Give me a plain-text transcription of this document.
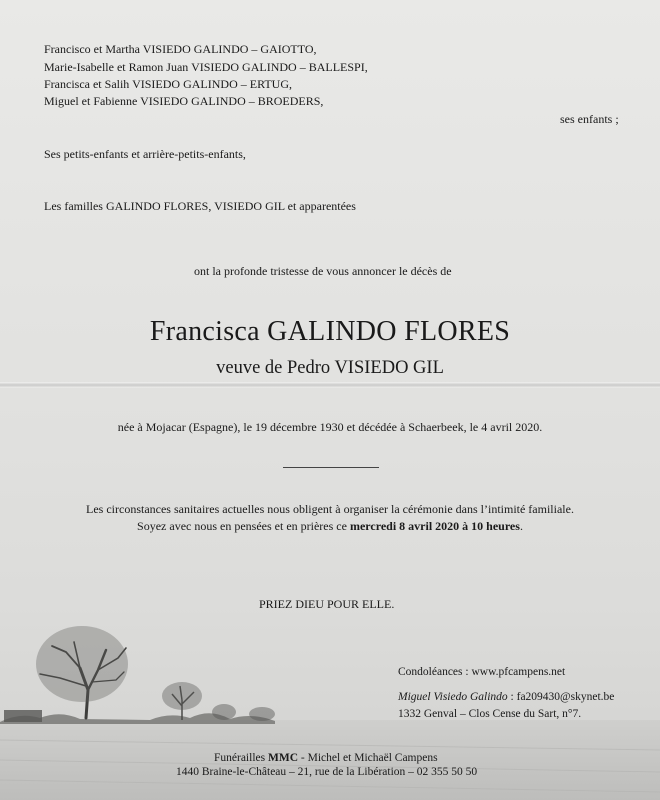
Francisco et Martha VISIEDO GALINDO – GAIOTTO,
Marie-Isabelle et Ramon Juan VISIEDO GALINDO – BALLESPI,
Francisca et Salih VISIEDO GALINDO – ERTUG,
Miguel et Fabienne VISIEDO GALINDO – BROEDERS,
ses enfants ;
Ses petits-enfants et arrière-petits-enfants,
Les familles GALINDO FLORES, VISIEDO GIL et apparentées
ont la profonde tristesse de vous annoncer le décès de
Francisca GALINDO FLORES
veuve de Pedro VISIEDO GIL
née à Mojacar (Espagne), le 19 décembre 1930 et décédée à Schaerbeek, le 4 avril 2020.
Les circonstances sanitaires actuelles nous obligent à organiser la cérémonie dans l’intimité familiale.
Soyez avec nous en pensées et en prières ce mercredi 8 avril 2020 à 10 heures.
PRIEZ DIEU POUR ELLE.
Condoléances : www.pfcampens.net
Miguel Visiedo Galindo : fa209430@skynet.be
1332 Genval – Clos Cense du Sart, n°7.
Funérailles MMC - Michel et Michaël Campens
1440 Braine-le-Château – 21, rue de la Libération – 02 355 50 50
